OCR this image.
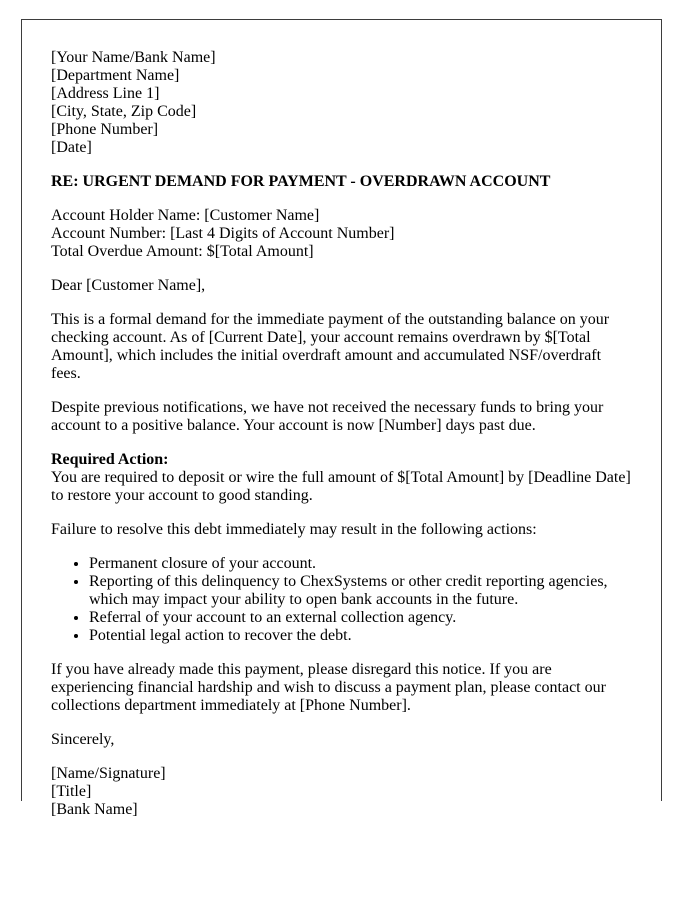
[Your Name/Bank Name]
[Department Name]
[Address Line 1]
[City, State, Zip Code]
[Phone Number]
[Date]

RE: URGENT DEMAND FOR PAYMENT - OVERDRAWN ACCOUNT

Account Holder Name: [Customer Name]
Account Number: [Last 4 Digits of Account Number]
Total Overdue Amount: $[Total Amount]

Dear [Customer Name],

This is a formal demand for the immediate payment of the outstanding balance on your checking account. As of [Current Date], your account remains overdrawn by $[Total Amount], which includes the initial overdraft amount and accumulated NSF/overdraft fees.

Despite previous notifications, we have not received the necessary funds to bring your account to a positive balance. Your account is now [Number] days past due.

Required Action:
You are required to deposit or wire the full amount of $[Total Amount] by [Deadline Date] to restore your account to good standing.

Failure to resolve this debt immediately may result in the following actions:

• Permanent closure of your account.
• Reporting of this delinquency to ChexSystems or other credit reporting agencies, which may impact your ability to open bank accounts in the future.
• Referral of your account to an external collection agency.
• Potential legal action to recover the debt.

If you have already made this payment, please disregard this notice. If you are experiencing financial hardship and wish to discuss a payment plan, please contact our collections department immediately at [Phone Number].

Sincerely,

[Name/Signature]
[Title]
[Bank Name]
